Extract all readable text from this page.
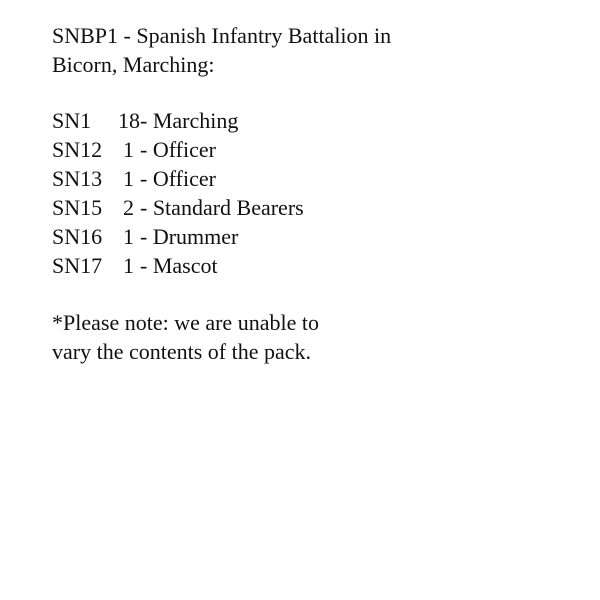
SNBP1 - Spanish Infantry Battalion in
Bicorn, Marching:
SN1 18- Marching
SN12 1 - Officer
SN13 1 - Officer
SN15 2 - Standard Bearers
SN16 1 - Drummer
SN17 1 - Mascot

*Please note: we are unable to
vary the contents of the pack.
